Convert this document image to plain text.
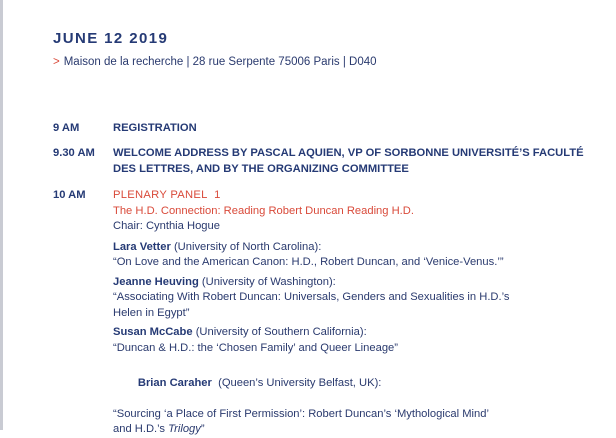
JUNE 12 2019
> Maison de la recherche | 28 rue Serpente 75006 Paris | D040
9 AM	REGISTRATION
9.30 AM WELCOME ADDRESS BY PASCAL AQUIEN, VP OF SORBONNE UNIVERSITÉ’S FACULTÉ
DES LETTRES, AND BY THE ORGANIZING COMMITTEE
10 AM PLENARY PANEL  1
The H.D. Connection: Reading Robert Duncan Reading H.D.
Chair: Cynthia Hogue
Lara Vetter (University of North Carolina):
“On Love and the American Canon: H.D., Robert Duncan, and ‘Venice-Venus.’”
Jeanne Heuving (University of Washington):
“Associating With Robert Duncan: Universals, Genders and Sexualities in H.D.’s
Helen in Egypt”
Susan McCabe (University of Southern California):
“Duncan & H.D.: the ‘Chosen Family’ and Queer Lineage”

Brian Caraher  (Queen’s University Belfast, UK):

“Sourcing ‘a Place of First Permission’: Robert Duncan’s ‘Mythological Mind’
and H.D.’s Trilogy”
